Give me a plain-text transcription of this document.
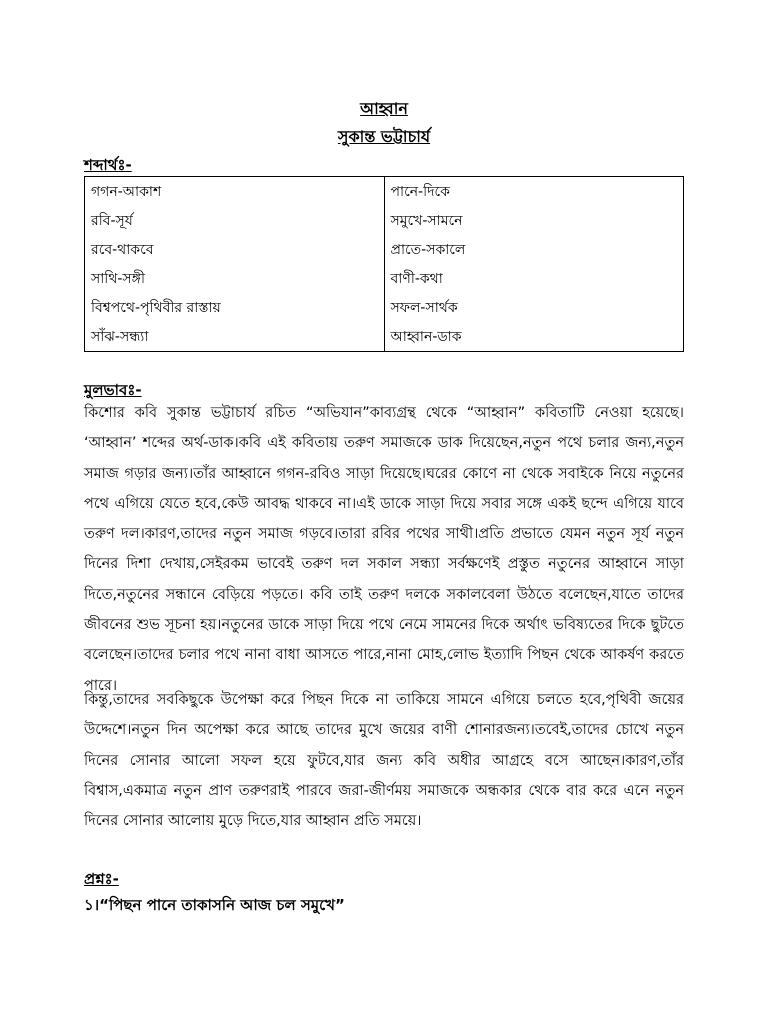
আহ্বান
সুকান্ত ভট্টাচার্য
শব্দার্থঃ-
গগন-আকাশ	পানে-দিকে
রবি-সূর্য	সমুখে-সামনে
রবে-থাকবে	প্রাতে-সকালে
সাথি-সঙ্গী	বাণী-কথা
বিশ্বপথে-পৃথিবীর রাস্তায়	সফল-সার্থক
সাঁঝ-সন্ধ্যা	আহ্বান-ডাক
মুলভাবঃ-
কিশোর কবি সুকান্ত ভট্টাচার্য রচিত “অভিযান”কাব্যগ্রন্থ থেকে “আহ্বান” কবিতাটি নেওয়া হয়েছে। ‘আহ্বান’ শব্দের অর্থ-ডাক।কবি এই কবিতায় তরুণ সমাজকে ডাক দিয়েছেন,নতুন পথে চলার জন্য,নতুন সমাজ গড়ার জন্য।তাঁর আহ্বানে গগন-রবিও সাড়া দিয়েছে।ঘরের কোণে না থেকে সবাইকে নিয়ে নতুনের পথে এগিয়ে যেতে হবে,কেউ আবদ্ধ থাকবে না।এই ডাকে সাড়া দিয়ে সবার সঙ্গে একই ছন্দে এগিয়ে যাবে তরুণ দল।কারণ,তাদের নতুন সমাজ গড়বে।তারা রবির পথের সাথী।প্রতি প্রভাতে যেমন নতুন সূর্য নতুন দিনের দিশা দেখায়,সেইরকম ভাবেই তরুণ দল সকাল সন্ধ্যা সর্বক্ষণেই প্রস্তুত নতুনের আহ্বানে সাড়া দিতে,নতুনের সন্ধানে বেড়িয়ে পড়তে। কবি তাই তরুণ দলকে সকালবেলা উঠতে বলেছেন,যাতে তাদের জীবনের শুভ সূচনা হয়।নতুনের ডাকে সাড়া দিয়ে পথে নেমে সামনের দিকে অর্থাৎ ভবিষ্যতের দিকে ছুটতে বলেছেন।তাদের চলার পথে নানা বাধা আসতে পারে,নানা মোহ,লোভ ইত্যাদি পিছন থেকে আকর্ষণ করতে পারে।
কিন্তু,তাদের সবকিছুকে উপেক্ষা করে পিছন দিকে না তাকিয়ে সামনে এগিয়ে চলতে হবে,পৃথিবী জয়ের উদ্দেশে।নতুন দিন অপেক্ষা করে আছে তাদের মুখে জয়ের বাণী শোনারজন্য।তবেই,তাদের চোখে নতুন দিনের সোনার আলো সফল হয়ে ফুটবে,যার জন্য কবি অধীর আগ্রহে বসে আছেন।কারণ,তাঁর বিশ্বাস,একমাত্র নতুন প্রাণ তরুণরাই পারবে জরা-জীর্ণময় সমাজকে অন্ধকার থেকে বার করে এনে নতুন দিনের সোনার আলোয় মুড়ে দিতে,যার আহ্বান প্রতি সময়ে।
প্রশ্নঃ-
১।“পিছন পানে তাকাসনি আজ চল সমুখে”
